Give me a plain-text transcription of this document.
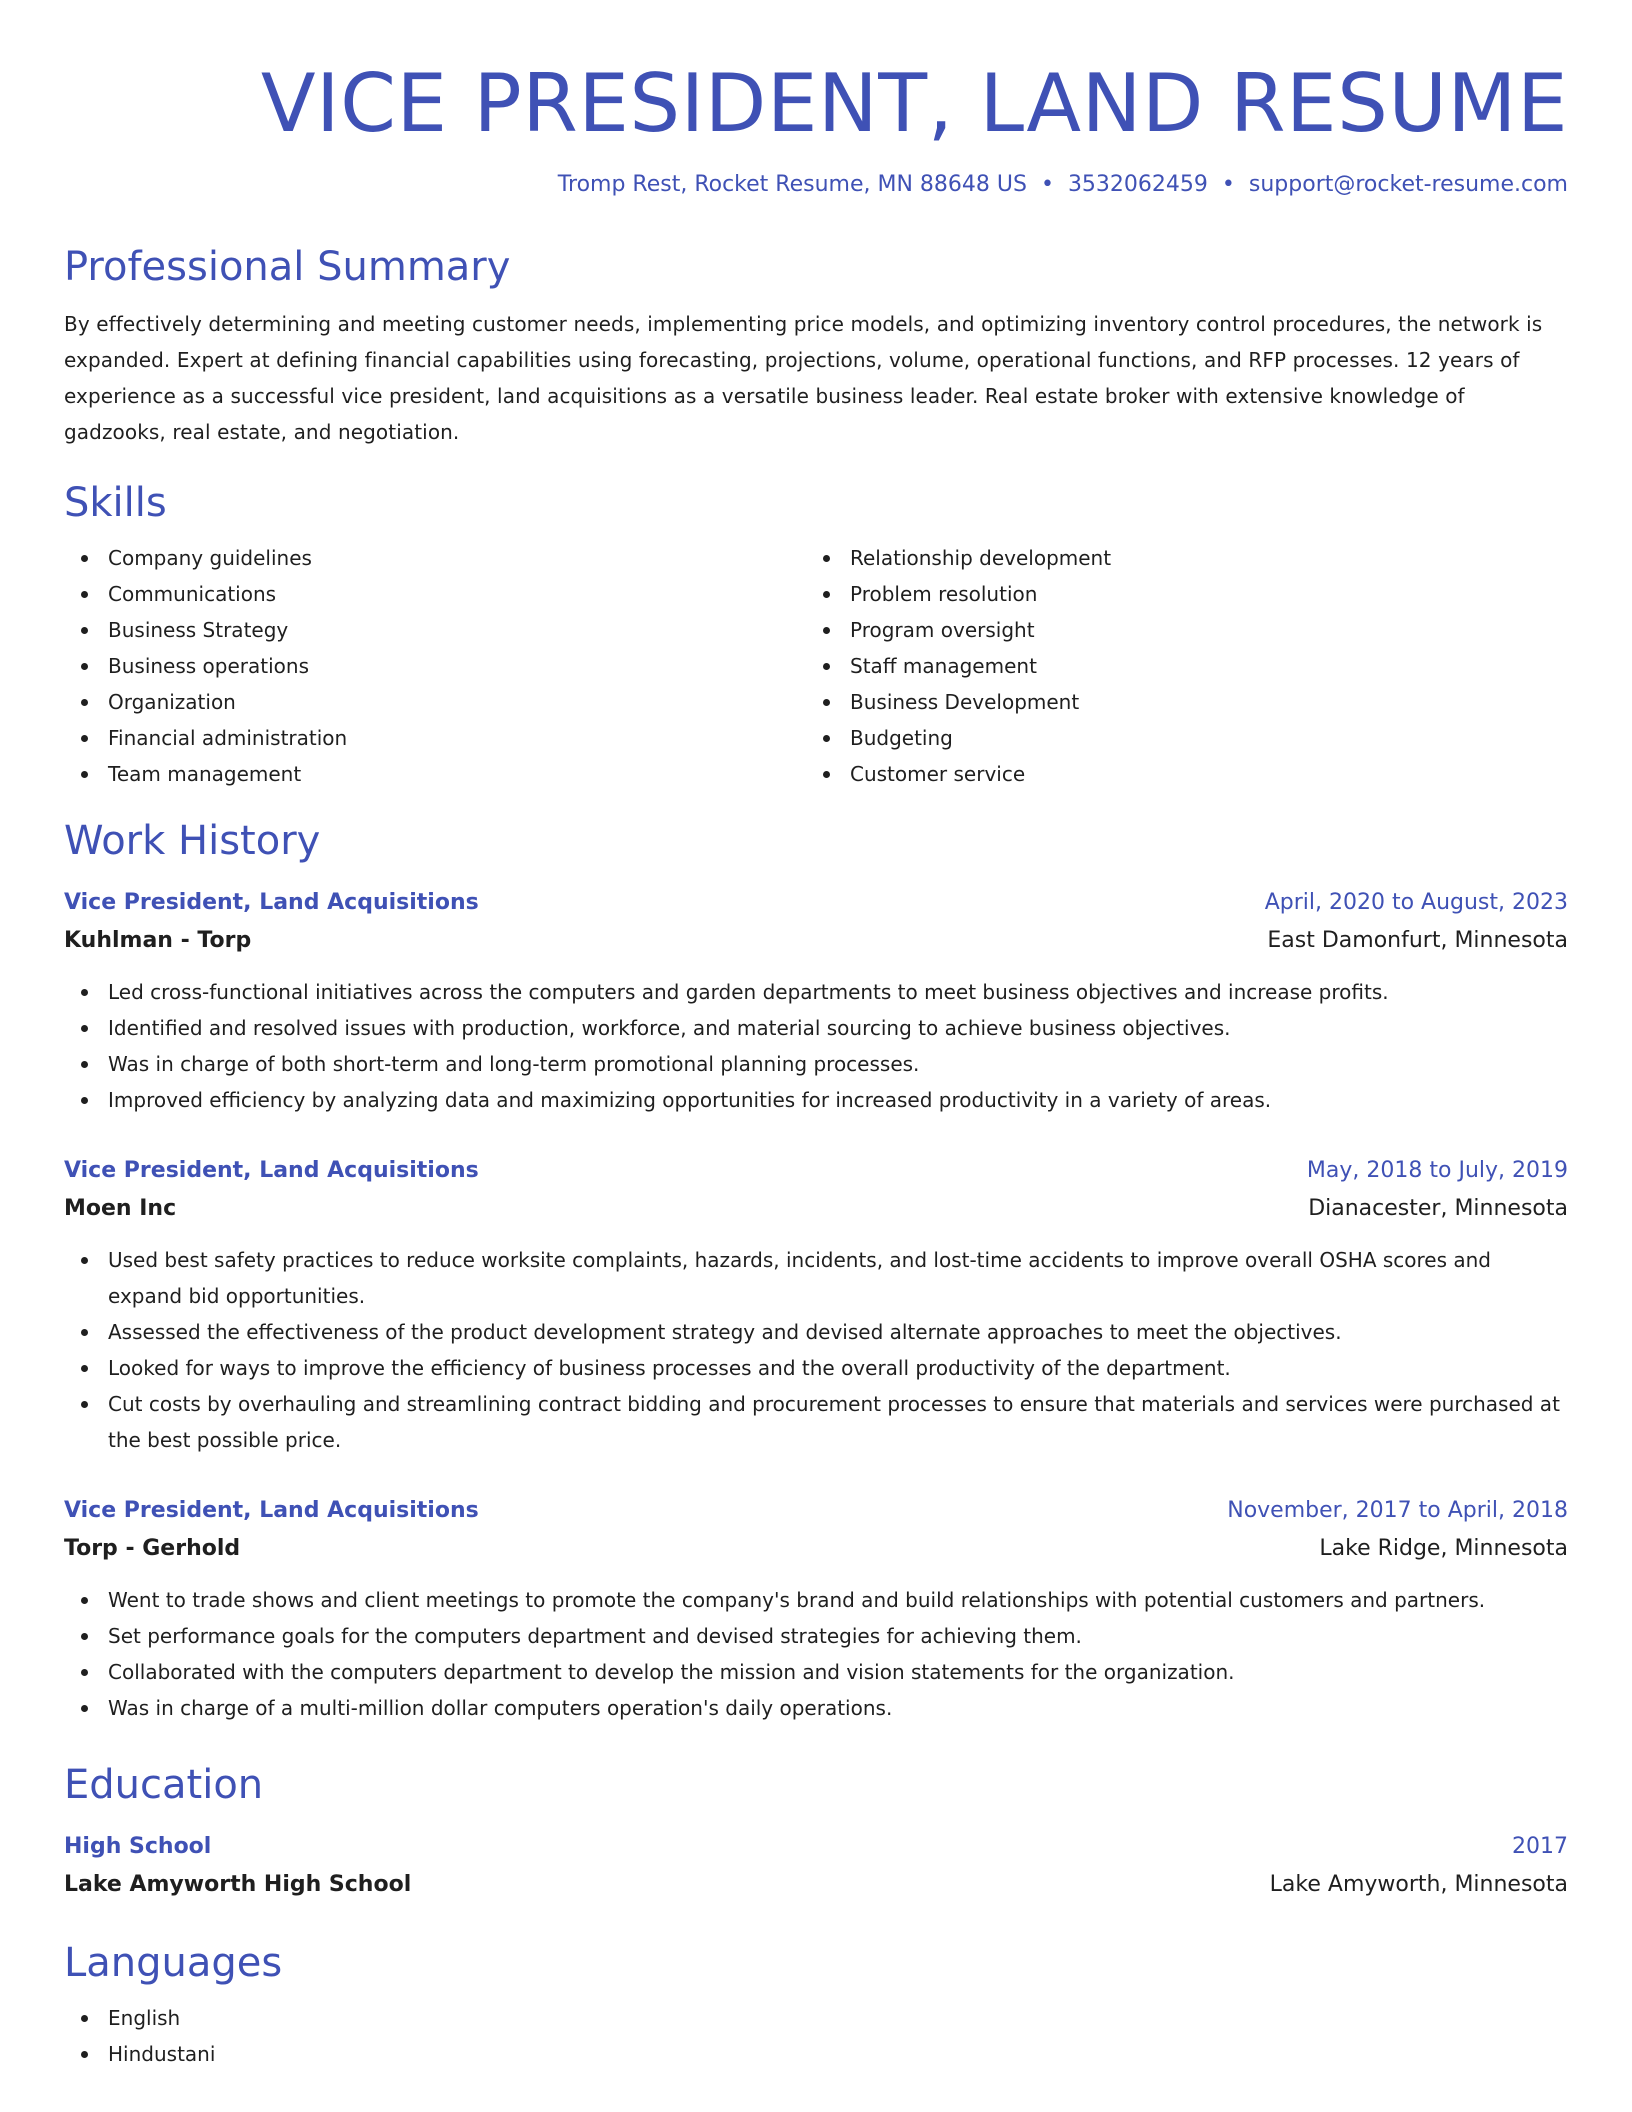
VICE PRESIDENT, LAND RESUME
Tromp Rest, Rocket Resume, MN 88648 US • 3532062459 • support@rocket-resume.com
Professional Summary

By effectively determining and meeting customer needs, implementing price models, and optimizing inventory control procedures, the network is expanded. Expert at defining financial capabilities using forecasting, projections, volume, operational functions, and RFP processes. 12 years of experience as a successful vice president, land acquisitions as a versatile business leader. Real estate broker with extensive knowledge of gadzooks, real estate, and negotiation.

Skills
Company guidelines
Communications
Business Strategy
Business operations
Organization
Financial administration
Team management
Relationship development
Problem resolution
Program oversight
Staff management
Business Development
Budgeting
Customer service
Work History
Vice President, Land Acquisitions	April, 2020 to August, 2023
Kuhlman - Torp	East Damonfurt, Minnesota
Led cross-functional initiatives across the computers and garden departments to meet business objectives and increase profits.
Identified and resolved issues with production, workforce, and material sourcing to achieve business objectives.
Was in charge of both short-term and long-term promotional planning processes.
Improved efficiency by analyzing data and maximizing opportunities for increased productivity in a variety of areas.
Vice President, Land Acquisitions	May, 2018 to July, 2019
Moen Inc	Dianacester, Minnesota
Used best safety practices to reduce worksite complaints, hazards, incidents, and lost-time accidents to improve overall OSHA scores and expand bid opportunities.
Assessed the effectiveness of the product development strategy and devised alternate approaches to meet the objectives.
Looked for ways to improve the efficiency of business processes and the overall productivity of the department.
Cut costs by overhauling and streamlining contract bidding and procurement processes to ensure that materials and services were purchased at the best possible price.
Vice President, Land Acquisitions	November, 2017 to April, 2018
Torp - Gerhold	Lake Ridge, Minnesota
Went to trade shows and client meetings to promote the company's brand and build relationships with potential customers and partners.
Set performance goals for the computers department and devised strategies for achieving them.
Collaborated with the computers department to develop the mission and vision statements for the organization.
Was in charge of a multi-million dollar computers operation's daily operations.
Education
High School	2017
Lake Amyworth High School	Lake Amyworth, Minnesota
Languages
English
Hindustani
